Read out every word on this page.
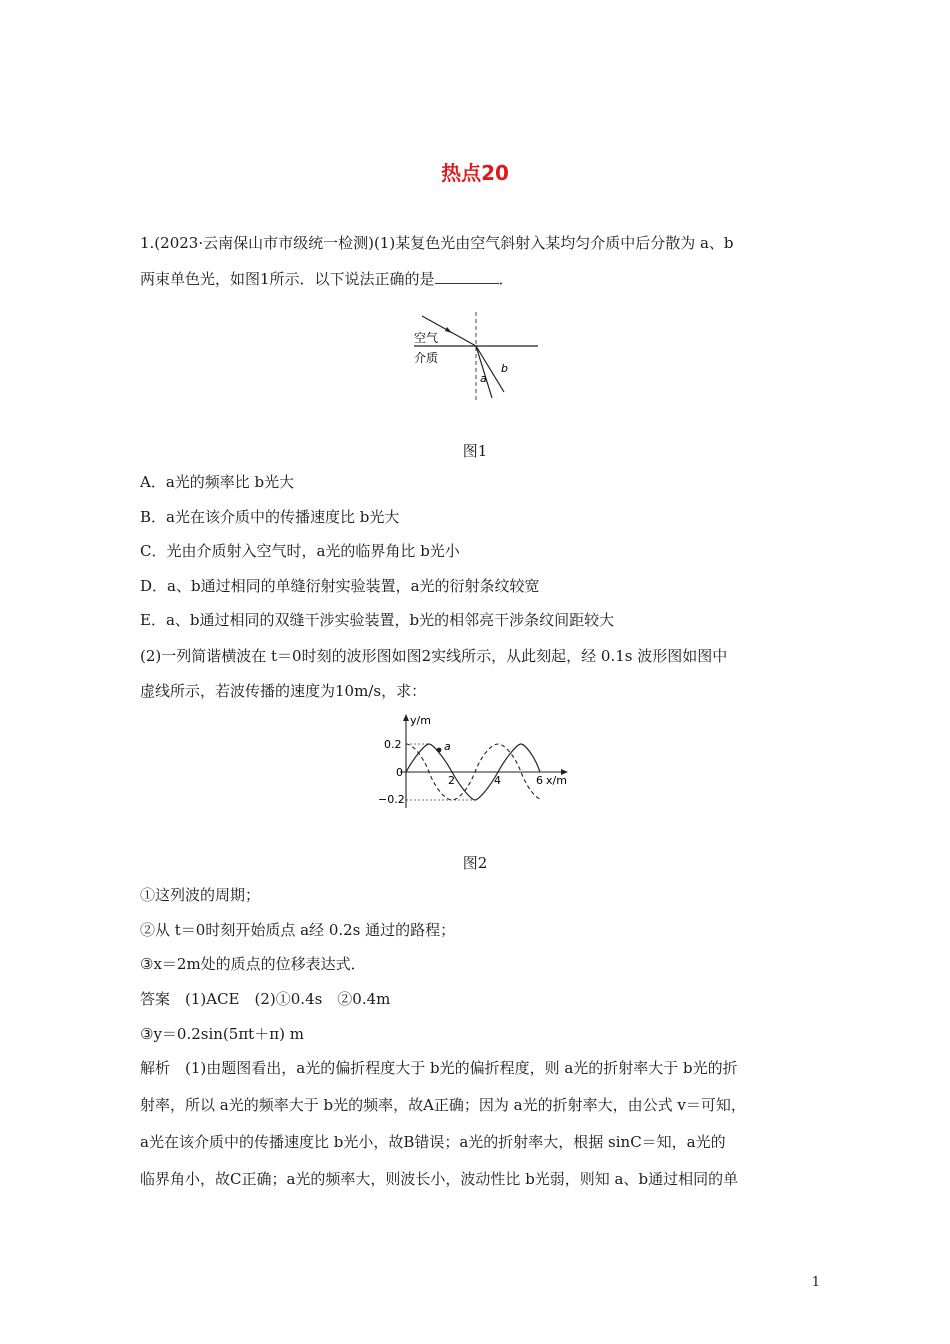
热点20
1.(2023·云南保山市市级统一检测)(1)某复色光由空气斜射入某均匀介质中后分散为 a、b
两束单色光，如图1所示．以下说法正确的是	．
空气
介质
a
b
图1
A．a光的频率比 b光大
B．a光在该介质中的传播速度比 b光大
C．光由介质射入空气时，a光的临界角比 b光小
D．a、b通过相同的单缝衍射实验装置，a光的衍射条纹较宽
E．a、b通过相同的双缝干涉实验装置，b光的相邻亮干涉条纹间距较大
(2)一列简谐横波在 t＝0时刻的波形图如图2实线所示，从此刻起，经 0.1s 波形图如图中
虚线所示，若波传播的速度为10m/s，求：
a
y/m
x/m
0.2
0
−0.2
2	4	6
图2
①这列波的周期；
②从 t＝0时刻开始质点 a经 0.2s 通过的路程；
③x＝2m处的质点的位移表达式．
答案　(1)ACE　(2)①0.4s　②0.4m
③y＝0.2sin(5πt＋π) m
解析　(1)由题图看出，a光的偏折程度大于 b光的偏折程度，则 a光的折射率大于 b光的折
射率，所以 a光的频率大于 b光的频率，故A正确；因为 a光的折射率大，由公式 v＝可知，
a光在该介质中的传播速度比 b光小，故B错误；a光的折射率大，根据 sinC＝知，a光的
临界角小，故C正确；a光的频率大，则波长小，波动性比 b光弱，则知 a、b通过相同的单
1
